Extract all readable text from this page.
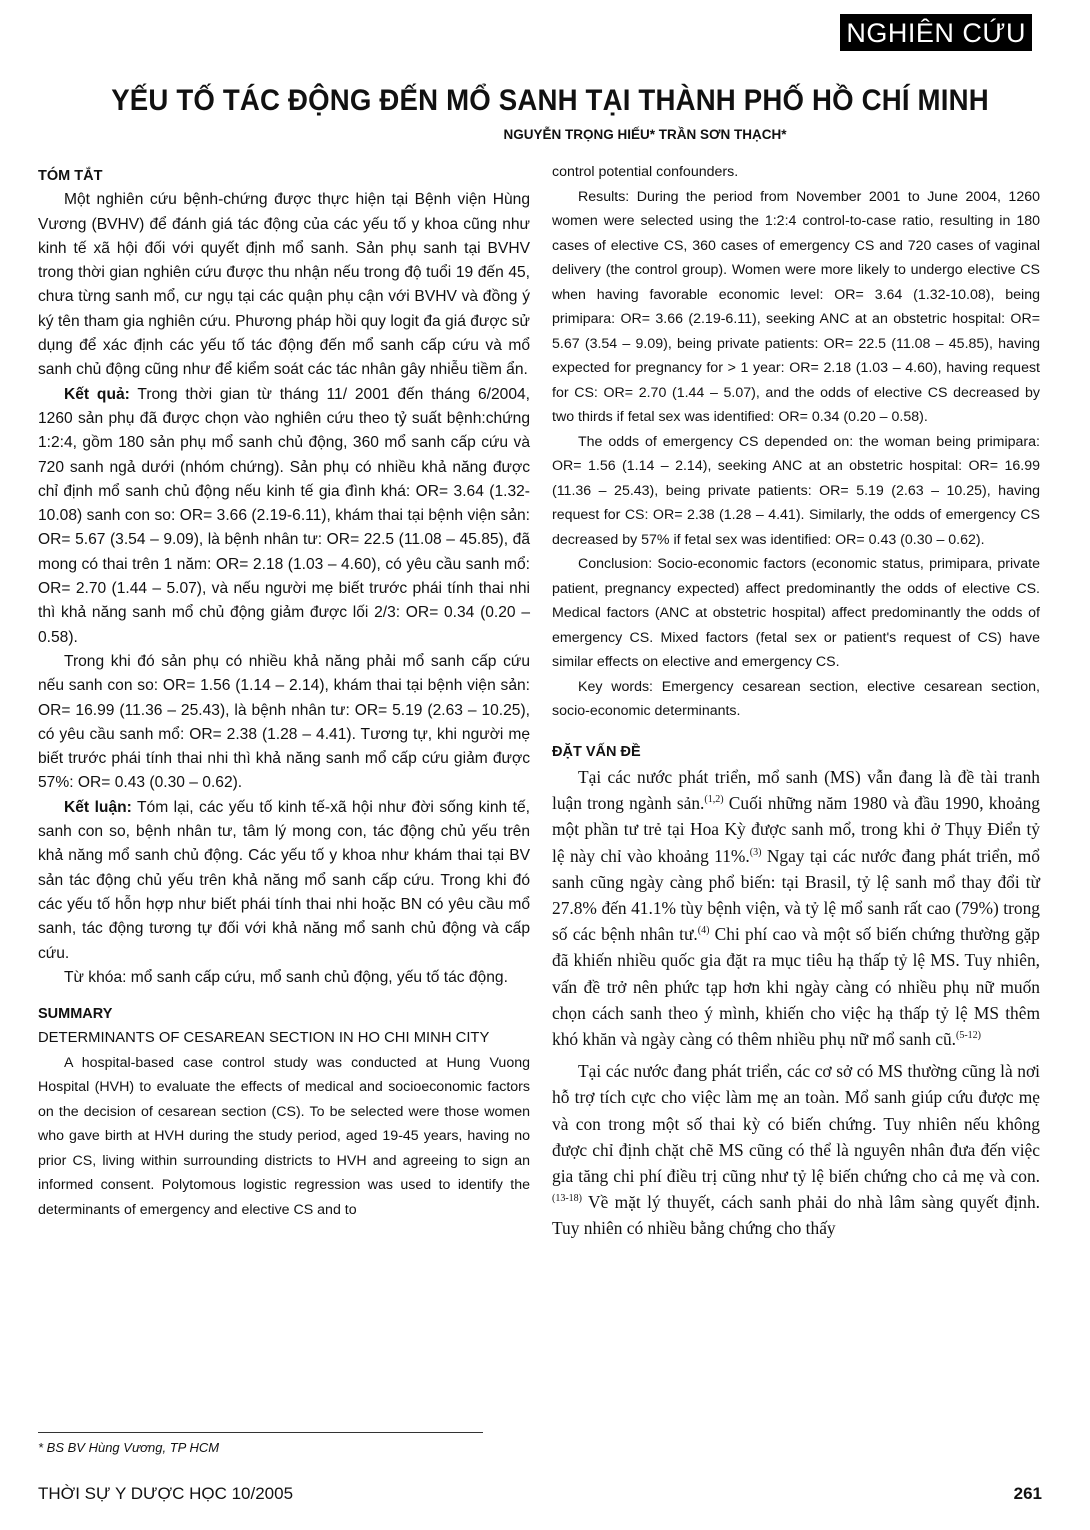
NGHIÊN CỨU
YẾU TỐ TÁC ĐỘNG ĐẾN MỔ SANH TẠI THÀNH PHỐ HỒ CHÍ MINH
NGUYỄN TRỌNG HIẾU* TRẦN SƠN THẠCH*
TÓM TẮT

Một nghiên cứu bệnh-chứng được thực hiện tại Bệnh viện Hùng Vương (BVHV) để đánh giá tác động của các yếu tố y khoa cũng như kinh tế xã hội đối với quyết định mổ sanh. Sản phụ sanh tại BVHV trong thời gian nghiên cứu được thu nhận nếu trong độ tuổi 19 đến 45, chưa từng sanh mổ, cư ngụ tại các quận phụ cận với BVHV và đồng ý ký tên tham gia nghiên cứu. Phương pháp hồi quy logit đa giá được sử dụng để xác định các yếu tố tác động đến mổ sanh cấp cứu và mổ sanh chủ động cũng như để kiểm soát các tác nhân gây nhiễu tiềm ẩn.

Kết quả: Trong thời gian từ tháng 11/ 2001 đến tháng 6/2004, 1260 sản phụ đã được chọn vào nghiên cứu theo tỷ suất bệnh:chứng 1:2:4, gồm 180 sản phụ mổ sanh chủ động, 360 mổ sanh cấp cứu và 720 sanh ngả dưới (nhóm chứng). Sản phụ có nhiều khả năng được chỉ định mổ sanh chủ động nếu kinh tế gia đình khá: OR= 3.64 (1.32-10.08) sanh con so: OR= 3.66 (2.19-6.11), khám thai tại bệnh viện sản: OR= 5.67 (3.54 – 9.09), là bệnh nhân tư: OR= 22.5 (11.08 – 45.85), đã mong có thai trên 1 năm: OR= 2.18 (1.03 – 4.60), có yêu cầu sanh mổ: OR= 2.70 (1.44 – 5.07), và nếu người mẹ biết trước phái tính thai nhi thì khả năng sanh mổ chủ động giảm được lối 2/3: OR= 0.34 (0.20 – 0.58).

Trong khi đó sản phụ có nhiều khả năng phải mổ sanh cấp cứu nếu sanh con so: OR= 1.56 (1.14 – 2.14), khám thai tại bệnh viện sản: OR= 16.99 (11.36 – 25.43), là bệnh nhân tư: OR= 5.19 (2.63 – 10.25), có yêu cầu sanh mổ: OR= 2.38 (1.28 – 4.41). Tương tự, khi người mẹ biết trước phái tính thai nhi thì khả năng sanh mổ cấp cứu giảm được 57%: OR= 0.43 (0.30 – 0.62).

Kết luận: Tóm lại, các yếu tố kinh tế-xã hội như đời sống kinh tế, sanh con so, bệnh nhân tư, tâm lý mong con, tác động chủ yếu trên khả năng mổ sanh chủ động. Các yếu tố y khoa như khám thai tại BV sản tác động chủ yếu trên khả năng mổ sanh cấp cứu. Trong khi đó các yếu tố hỗn hợp như biết phái tính thai nhi hoặc BN có yêu cầu mổ sanh, tác động tương tự đối với khả năng mổ sanh chủ động và cấp cứu.

Từ khóa: mổ sanh cấp cứu, mổ sanh chủ động, yếu tố tác động.

SUMMARY
DETERMINANTS OF CESAREAN SECTION IN HO CHI MINH CITY

A hospital-based case control study was conducted at Hung Vuong Hospital (HVH) to evaluate the effects of medical and socioeconomic factors on the decision of cesarean section (CS). To be selected were those women who gave birth at HVH during the study period, aged 19-45 years, having no prior CS, living within surrounding districts to HVH and agreeing to sign an informed consent. Polytomous logistic regression was used to identify the determinants of emergency and elective CS and to

control potential confounders.

Results: During the period from November 2001 to June 2004, 1260 women were selected using the 1:2:4 control-to-case ratio, resulting in 180 cases of elective CS, 360 cases of emergency CS and 720 cases of vaginal delivery (the control group). Women were more likely to undergo elective CS when having favorable economic level: OR= 3.64 (1.32-10.08), being primipara: OR= 3.66 (2.19-6.11), seeking ANC at an obstetric hospital: OR= 5.67 (3.54 – 9.09), being private patients: OR= 22.5 (11.08 – 45.85), having expected for pregnancy for > 1 year: OR= 2.18 (1.03 – 4.60), having request for CS: OR= 2.70 (1.44 – 5.07), and the odds of elective CS decreased by two thirds if fetal sex was identified: OR= 0.34 (0.20 – 0.58).

The odds of emergency CS depended on: the woman being primipara: OR= 1.56 (1.14 – 2.14), seeking ANC at an obstetric hospital: OR= 16.99 (11.36 – 25.43), being private patients: OR= 5.19 (2.63 – 10.25), having request for CS: OR= 2.38 (1.28 – 4.41). Similarly, the odds of emergency CS decreased by 57% if fetal sex was identified: OR= 0.43 (0.30 – 0.62).

Conclusion: Socio-economic factors (economic status, primipara, private patient, pregnancy expected) affect predominantly the odds of elective CS. Medical factors (ANC at obstetric hospital) affect predominantly the odds of emergency CS. Mixed factors (fetal sex or patient's request of CS) have similar effects on elective and emergency CS.

Key words: Emergency cesarean section, elective cesarean section, socio-economic determinants.

ĐẶT VẤN ĐỀ

Tại các nước phát triển, mổ sanh (MS) vẫn đang là đề tài tranh luận trong ngành sản.$^{(1,2)}$ Cuối những năm 1980 và đầu 1990, khoảng một phần tư trẻ tại Hoa Kỳ được sanh mổ, trong khi ở Thụy Điển tỷ lệ này chỉ vào khoảng 11%.$^{(3)}$ Ngay tại các nước đang phát triển, mổ sanh cũng ngày càng phổ biến: tại Brasil, tỷ lệ sanh mổ thay đổi từ 27.8% đến 41.1% tùy bệnh viện, và tỷ lệ mổ sanh rất cao (79%) trong số các bệnh nhân tư.$^{(4)}$ Chi phí cao và một số biến chứng thường gặp đã khiến nhiều quốc gia đặt ra mục tiêu hạ thấp tỷ lệ MS. Tuy nhiên, vấn đề trở nên phức tạp hơn khi ngày càng có nhiều phụ nữ muốn chọn cách sanh theo ý mình, khiến cho việc hạ thấp tỷ lệ MS thêm khó khăn và ngày càng có thêm nhiều phụ nữ mổ sanh cũ.$^{(5-12)}$

Tại các nước đang phát triển, các cơ sở có MS thường cũng là nơi hỗ trợ tích cực cho việc làm mẹ an toàn. Mổ sanh giúp cứu được mẹ và con trong một số thai kỳ có biến chứng. Tuy nhiên nếu không được chỉ định chặt chẽ MS cũng có thể là nguyên nhân đưa đến việc gia tăng chi phí điều trị cũng như tỷ lệ biến chứng cho cả mẹ và con.$^{(13-18)}$ Về mặt lý thuyết, cách sanh phải do nhà lâm sàng quyết định. Tuy nhiên có nhiều bằng chứng cho thấy

* BS BV Hùng Vương, TP HCM
THỜI SỰ Y DƯỢC HỌC 10/2005	261
